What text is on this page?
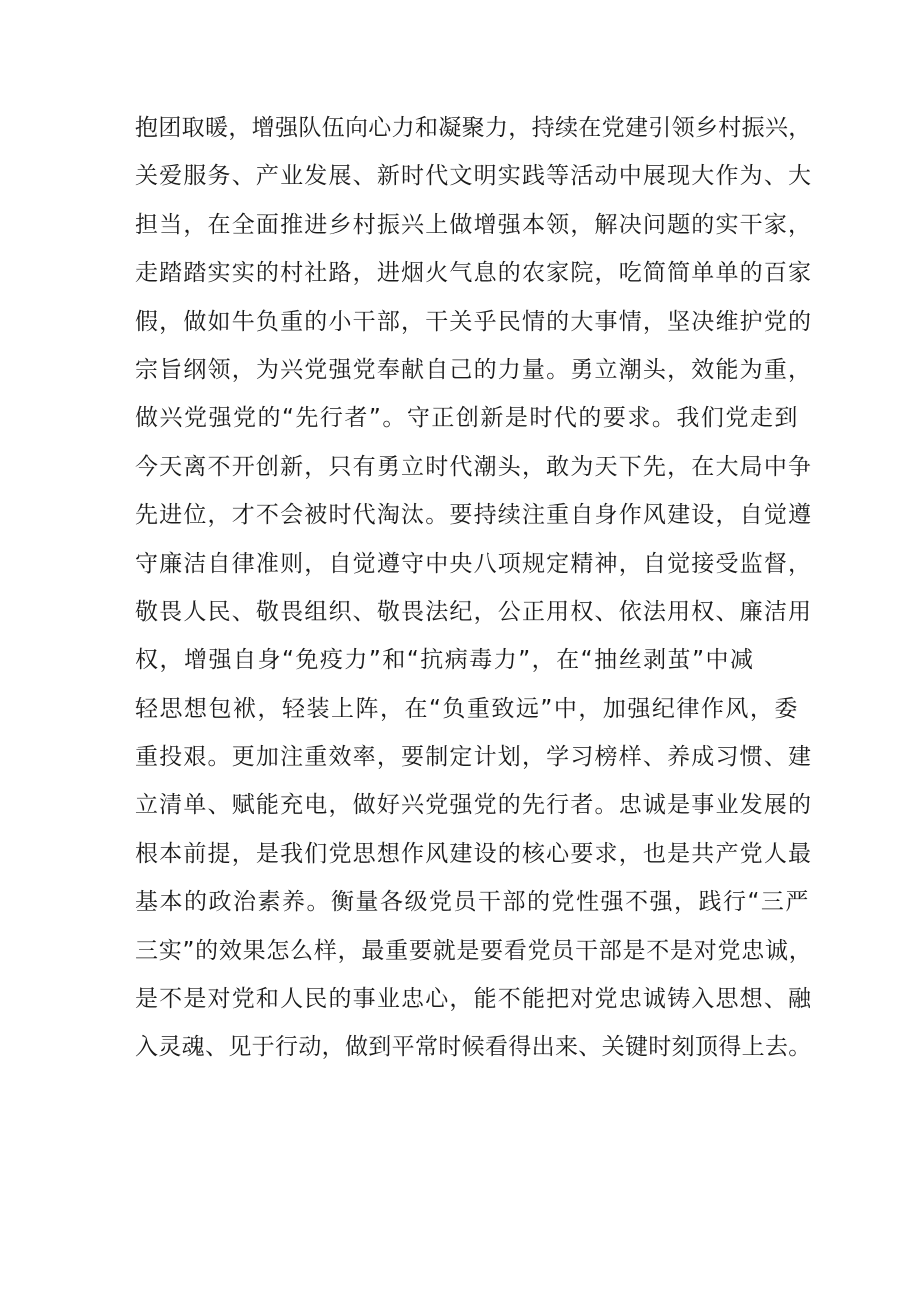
抱团取暖，增强队伍向心力和凝聚力，持续在党建引领乡村振兴，
关爱服务、产业发展、新时代文明实践等活动中展现大作为、大
担当，在全面推进乡村振兴上做增强本领，解决问题的实干家，
走踏踏实实的村社路，进烟火气息的农家院，吃简简单单的百家
假，做如牛负重的小干部，干关乎民情的大事情，坚决维护党的
宗旨纲领，为兴党强党奉献自己的力量。勇立潮头，效能为重，
做兴党强党的“先行者”。守正创新是时代的要求。我们党走到
今天离不开创新，只有勇立时代潮头，敢为天下先，在大局中争
先进位，才不会被时代淘汰。要持续注重自身作风建设，自觉遵
守廉洁自律准则，自觉遵守中央八项规定精神，自觉接受监督，
敬畏人民、敬畏组织、敬畏法纪，公正用权、依法用权、廉洁用
权，增强自身“免疫力”和“抗病毒力”，在“抽丝剥茧”中减
轻思想包袱，轻装上阵，在“负重致远”中，加强纪律作风，委
重投艰。更加注重效率，要制定计划，学习榜样、养成习惯、建
立清单、赋能充电，做好兴党强党的先行者。忠诚是事业发展的
根本前提，是我们党思想作风建设的核心要求，也是共产党人最
基本的政治素养。衡量各级党员干部的党性强不强，践行“三严
三实”的效果怎么样，最重要就是要看党员干部是不是对党忠诚，
是不是对党和人民的事业忠心，能不能把对党忠诚铸入思想、融
入灵魂、见于行动，做到平常时候看得出来、关键时刻顶得上去。
